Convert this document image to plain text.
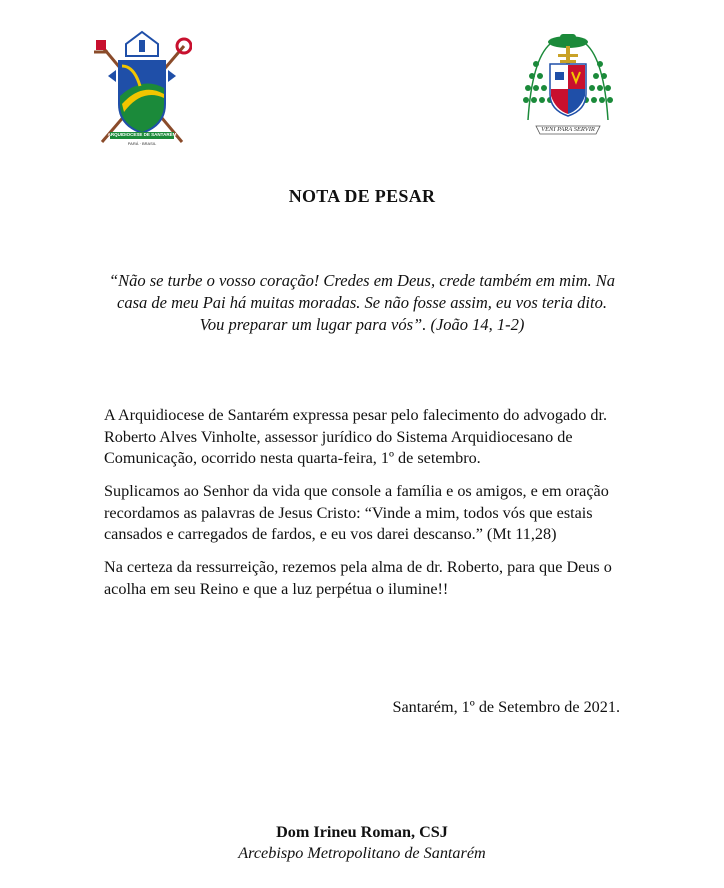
ARQUIDIOCESE DE SANTARÉM
PARÁ · BRASIL
VENI PARA SERVIR
NOTA DE PESAR
“Não se turbe o vosso coração! Credes em Deus, crede também em mim. Na casa de meu Pai há muitas moradas. Se não fosse assim, eu vos teria dito. Vou preparar um lugar para vós”. (João 14, 1-2)

A Arquidiocese de Santarém expressa pesar pelo falecimento do advogado dr. Roberto Alves Vinholte, assessor jurídico do Sistema Arquidiocesano de Comunicação, ocorrido nesta quarta-feira, 1º de setembro.

Suplicamos ao Senhor da vida que console a família e os amigos, e em oração recordamos as palavras de Jesus Cristo: “Vinde a mim, todos vós que estais cansados e carregados de fardos, e eu vos darei descanso.” (Mt 11,28)

Na certeza da ressurreição, rezemos pela alma de dr. Roberto, para que Deus o acolha em seu Reino e que a luz perpétua o ilumine!!

Santarém, 1º de Setembro de 2021.
Dom Irineu Roman, CSJ
Arcebispo Metropolitano de Santarém
